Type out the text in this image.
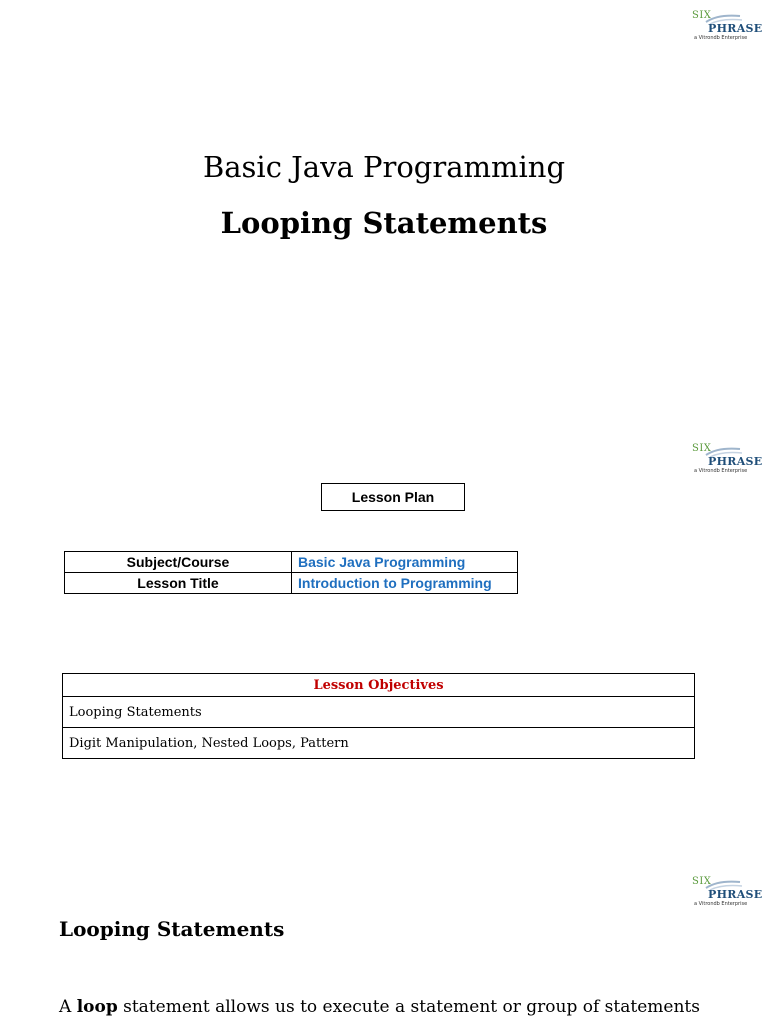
SIX
PHRASE
a Vitrondb Enterprise
SIX
PHRASE
a Vitrondb Enterprise
SIX
PHRASE
a Vitrondb Enterprise
Basic Java Programming
Looping Statements
Lesson Plan
Subject/Course	Basic Java Programming
Lesson Title	Introduction to Programming
Lesson Objectives
Looping Statements
Digit Manipulation, Nested Loops, Pattern
Looping Statements
A loop statement allows us to execute a statement or group of statements
